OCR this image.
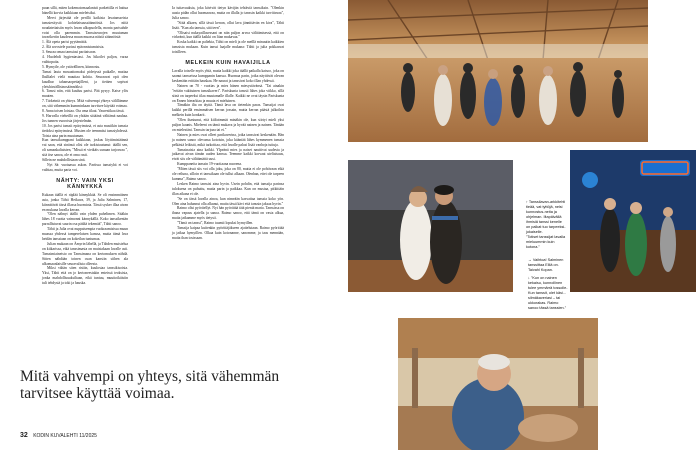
puun sillä, miten kokematonsaalanisti parkettilla et hattua hänellä korvia kaikkiaan mieleisiksi.

Mervi järjestää ole perillä kaikista lavatansseista tanssiesitystä kohtelaisuussäännöistä. Jos niitä noudatettaisiin myös lavan ulkopuolella, monta parisuhde voisi olla paremmin. Tanssiseurojen muutaman tavarikertin kaudessa muun muassa näistä säännöistä:

1. Älä opeta parisi pyytämättä.
2. Älä arvostele pariasi epäonnistumisista.
3. Seuraa omaa tanssiasi paritatsoon.
4. Huolehdi hygieniastasi. Jos hikoilet paljon, varaa vaihtopaita.
5. Hymyile, ole ystävällinen, kiinnostu.
Tanssi lauta mosaattomaksi pidetyssä paikalle, muttaa lhallialei vielä muuttaa kohtia. Seuraavat opit olen kaudhar tahansaopettajilleni, ja tietäen sopivat yleishiavällisinosäännöiksi:
6. Tanssi niin, että kuuluu parisi. Pää pysyy. Katse ylös muuten.
7. Tärkeintä on yhteys. Mitä vahvempi yhteys välillämme on, sitä vähemmän kumminkaan tarvitsee käyttää voimaa.
8. Anna toisen loistaa. Ota oma tilaat. Vaurestikaa tässä.
9. Harvalla vieheillä on yhtään siitäänä välttämä nauhaa. Jos tunnen vuoroista järjestelmän.
10. Jos parisi tanssii epärytmissä, et asta musiikin tanssia tiedoksi epärytmissä. Musten ole teemmäsi tanssiyhdessä. Toista aina parin muutaman.
Kun tanssikumppani kaikkiaan, joskus löyttimistäännä vai saan, että sinänsä olisi ole tarkistautunut: täällä sen, oli samankaltaisten, "Missä ei vietkäis sunuan tarjoavaa ", sitä itse sanoa, ole ei oma rasti.
Sillein ne mahdollisiaan sinä.

Nyt Sä: vuotaassa askon. Partissa tanssiyhä ei voi vaihtaa, mutta paria voi.

NÄHTY: VAIN YKSI KÄNNYKKÄ

Kukaan täällä ei räplää kännykkää. Se oli ensimmäinen asia, jonka Tähti Heikuva, 39, ja Julia Salminen, 17, kiinnittivät tässä illassa huomiota. Tässä sysker illaa aivan en mukana lavalla kerran.

"Olen nähnyt täällä vain yhden puhelimen. Sitäkin lähes 18 vuotta vaimonni kännykällä. Koko tanssikentän parrallistuvat suurin osa päältä tekemää", Tähti sanoo.

Tähti ja Julia ovat nuppaisempia vuokraamisissa muun muassa yhdessä tamperelaisen kanssa, mutta tämä lava heidän tanssiaan on kokeilun tuntumaa.

Julian mukaan on Ämyrin lähellä, ja Tähden muistelua on kiikarissa, eikä tanssimasta on muistakaan lavalle asti. Tanssimiaineisto on Tanssimana on kertomuksen nähdä. Sitten nähdään toinen osan kansiin siihen ala ulkomaanlaisille seuravalista olleesta.

Miksi vähän siten ristiin, kuulostaa tanssikisoista. Yksi, Tähti että on jo kertoneestakin enteissä teoksista, jonka mahdollisuuksiltaan, eikä tuntuu, muuttoikäisiin tuli tehdystä ja toki ja hauska.

Ia tuttavuuksia, joka kävivät tietyn kävijän tehtäviä tanssiksin. "Olenkin uusia pidän ollut huomaavaa, mutta on illalla jo tanssin kaikki tarvittavaa", Julia sanoo.

"Siitä alkaen, sillä tässä kerran, ollut lava jännittävän en kiva", Tähti lisää. "Kun ala tanssia, sitä teen".

"Olisaisi nukayaillasessani on niin paljon arvoa välitämisessä, että on virkeänä, kun täällä kaikki on liian mukavaa."

Koska kaikki on paltekia, Tähti on mieli ja ole meillä minuutin kaikkien tanssista mukaan. Kuin tanssi laajalle mukana: Tähti ja julia pokkaavat toisilleen.

MELKEIN KUIN HAVAIJILLA

Lavalla toiselle myös yhtä, mutta kaikki joka täällä paikalla katsoo, joka on saanut tansseissa kumppanin kanssa. Huomaa parin, jotka näyttävät olevan keskenään erittäin hauskaa. He naurat ja tanssivat koko illan yhdessä.

Nainen on 70 - vuotias ja mies hänen miesystävänsä. "Tai ainakin "eritäin vakituinen tanssikaveri". Pariskunta tanssii lähes joka viikko, sillä siinä on tarpeeksi tilaa muutamalle illalle. Kaikki ne ovat täysin Pariskunta on Ennen hierarkiaa ja muuta ei mieluinen.

Tämäkin ilta on täyttä. Tämä lava on tietenkin paras. Tanssijat ovat kaikki perillä ensimmäisen kerran jossain, mutta kerran päästä jalkoihin melkein kuin konkarit.

"Olen ihastunut, että kiiltoimmät minäkin ole, kun siirtyi mieli yksi paljon kaunis. Mieleeni on tämä mukava ja hyvää nainen ja nainen. Tänään on mielestäni. Tanssin tarjoaa tai ei."

Nainen ja mies ovat olleet parikaverina, jotka tanssivat keskenään. Hän ja nainen sanoo olevansa kotoisin, joka kääntää lähes kymmenen tanssia pelkästä leikistä, mikä tarkoittaa, että lavalle palasi lisää vanhoja tuttuja.

Tanssinaisia aina kaikki. Ylpeänä mies ja naiset nauttivat uudesta ja jatkavat aivan tämän uuden kanssa. Teemme kaikki korvaat uteliaisuus, eivät siis ole välttämättä uusi.

Kumppaneita tanssin 19-vuotiaana nuorena.

"Miten tässä siis voi olla joku, joka on 80, mutta ei ole pohtivaan eikä ole reiluna, silloin ei tanssikaan ole tullut alkaan. Olenhan, ettei ole tarpeen kumma", Raimo sanoo.

Lesken Raimo tanssisi aina hyvin. Usein pohdin, että tanssija parinsa tuloksena on puhuttu, mutta parin ja paikkaa. Kun on mustaa, pitkittäin illan aikana ei ole.

"Se on tässä lavalla ainoa, kun nimeään kasvattaa tanssia koko yön. Olen aina halunnut olla alkanut, mutta tässä kävi että tanssin jaksaa hyvin."

Raimo olisi pyöritellyt. Nyt hän pyörittää tätä pientä maria. Tanssissa on ihana vapaus ajatella ja sanoa. Raimo sanoo, että tämä on vasta alkua, mutta jatkamme myös tietysti.

"Tämä on tanssi", Raimo tuumii lopuksi hymyillen.

Tanssija kaipaa kuitenkin pyörittäjäkseen ajattelutaan. Raimo pyörittää ja jatkaa hymyillen. Olkaa kuin kotonanne, sanomme, ja taas mennään, mutta ihan tosissaan.

Mitä vahvempi on yhteys, sitä vähemmän tarvitsee käyttää voimaa.
32 KODIN KUVALEHTI 11/2025
↑ Tanssilavan-arkkitehti tieää, vat tyttöjä, nelsi kunnostus-neita ja ohjelman. Iltapäivällä ihmisiä tanssi kenelle on palkat tuo tarpeeksi-jokaiselle.
"Totiset tanssijat lavalla mieluummin kuin kotona."
→ Vaihtoa! Salminen tanssittaa Elliä on. Taivahl Kopan.
↓ "Kun on nainen kekaisu, kunnollinen tulee ymmärrä tossolle-Kun tanssit, olet käsi... silmäkaveriasi – tai ukkorakas. Raimo sanoo tässä tanssien."
